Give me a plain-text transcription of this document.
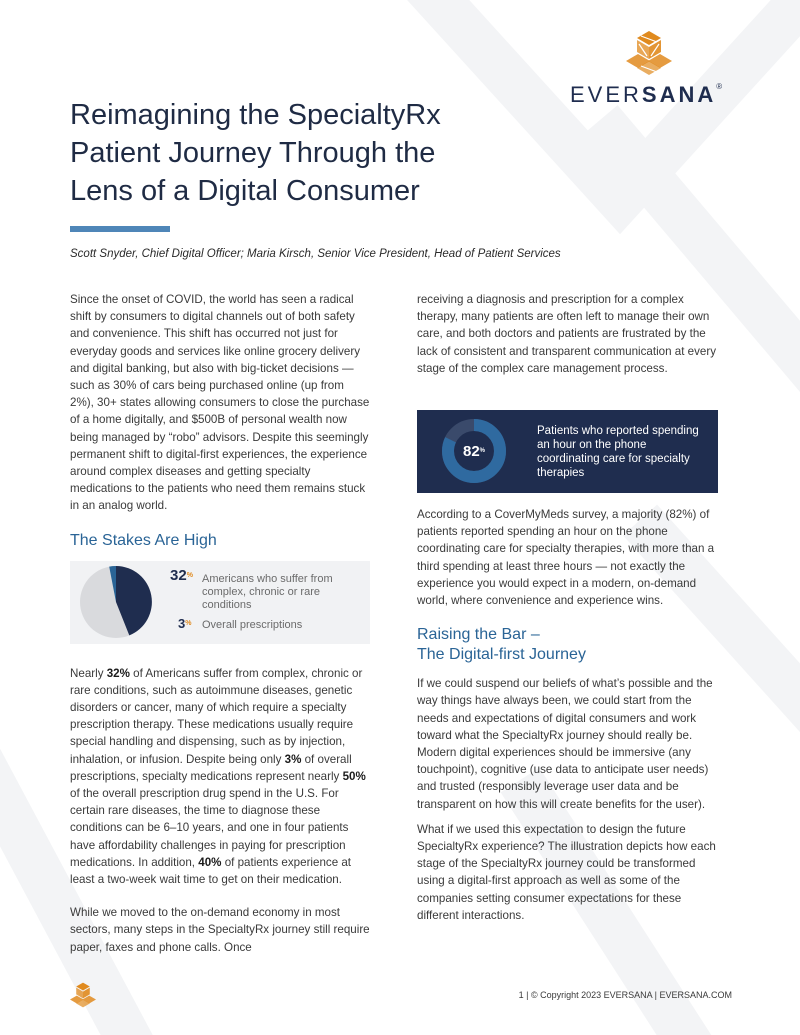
EVERSANA®
Reimagining the SpecialtyRx
Patient Journey Through the
Lens of a Digital Consumer
Scott Snyder, Chief Digital Officer; Maria Kirsch, Senior Vice President, Head of Patient Services

Since the onset of COVID, the world has seen a radical shift by consumers to digital channels out of both safety and convenience. This shift has occurred not just for everyday goods and services like online grocery delivery and digital banking, but also with big-ticket decisions — such as 30% of cars being purchased online (up from 2%), 30+ states allowing consumers to close the purchase of a home digitally, and $500B of personal wealth now being managed by “robo” advisors. Despite this seemingly permanent shift to digital-first experiences, the experience around complex diseases and getting specialty medications to the patients who need them remains stuck in an analog world.

The Stakes Are High

Nearly 32% of Americans suffer from complex, chronic or rare conditions, such as autoimmune diseases, genetic disorders or cancer, many of which require a specialty prescription therapy. These medications usually require special handling and dispensing, such as by injection, inhalation, or infusion. Despite being only 3% of overall prescriptions, specialty medications represent nearly 50% of the overall prescription drug spend in the U.S. For certain rare diseases, the time to diagnose these conditions can be 6–10 years, and one in four patients have affordability challenges in paying for prescription medications. In addition, 40% of patients experience at least a two-week wait time to get on their medication.

While we moved to the on-demand economy in most sectors, many steps in the SpecialtyRx journey still require paper, faxes and phone calls. Once

32% Americans who suffer from complex, chronic or rare conditions
3% Overall prescriptions

receiving a diagnosis and prescription for a complex therapy, many patients are often left to manage their own care, and both doctors and patients are frustrated by the lack of consistent and transparent communication at every stage of the complex care management process.

According to a CoverMyMeds survey, a majority (82%) of patients reported spending an hour on the phone coordinating care for specialty therapies, with more than a third spending at least three hours — not exactly the experience you would expect in a modern, on-demand world, where convenience and experience wins.

Raising the Bar –
The Digital-first Journey

If we could suspend our beliefs of what’s possible and the way things have always been, we could start from the needs and expectations of digital consumers and work toward what the SpecialtyRx journey should really be. Modern digital experiences should be immersive (any touchpoint), cognitive (use data to anticipate user needs) and trusted (responsibly leverage user data and be transparent on how this will create benefits for the user).

What if we used this expectation to design the future SpecialtyRx experience? The illustration depicts how each stage of the SpecialtyRx journey could be transformed using a digital-first approach as well as some of the companies setting consumer expectations for these different interactions.

82 %
Patients who reported spending an hour on the phone coordinating care for specialty therapies
1 | © Copyright 2023 EVERSANA | EVERSANA.COM
